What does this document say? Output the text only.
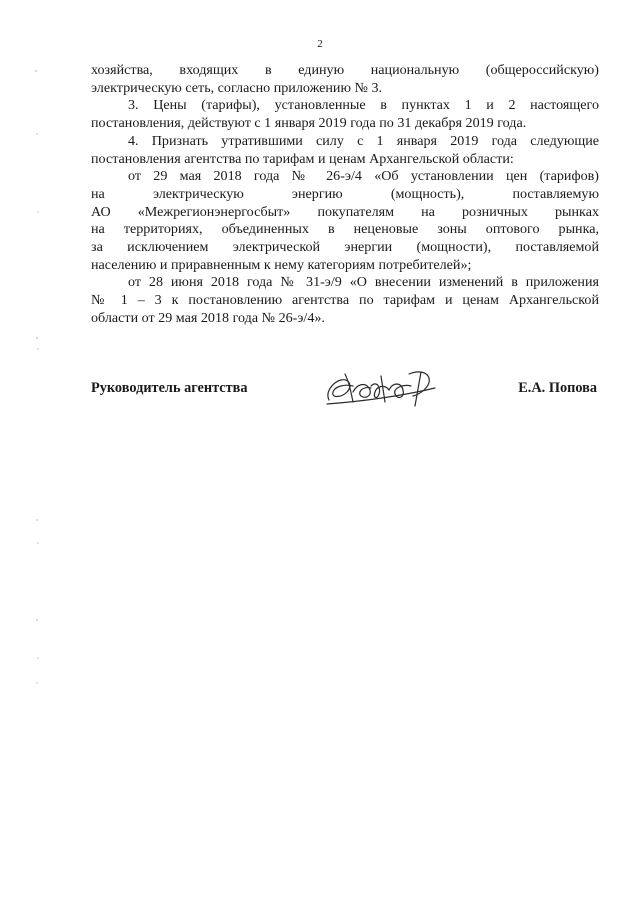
2

хозяйства, входящих в единую национальную (общероссийскую)

электрическую сеть, согласно приложению № 3.

3. Цены (тарифы), установленные в пунктах 1 и 2 настоящего

постановления, действуют с 1 января 2019 года по 31 декабря 2019 года.

4. Признать утратившими силу с 1 января 2019 года следующие

постановления агентства по тарифам и ценам Архангельской области:

от 29 мая 2018 года № 26-э/4 «Об установлении цен (тарифов)

на электрическую энергию (мощность), поставляемую

АО «Межрегионэнергосбыт» покупателям на розничных рынках

на территориях, объединенных в неценовые зоны оптового рынка,

за исключением электрической энергии (мощности), поставляемой

населению и приравненным к нему категориям потребителей»;

от 28 июня 2018 года № 31-э/9 «О внесении изменений в приложения

№ 1 – 3 к постановлению агентства по тарифам и ценам Архангельской

области от 29 мая 2018 года № 26-э/4».

Руководитель агентства	Е.А. Попова
